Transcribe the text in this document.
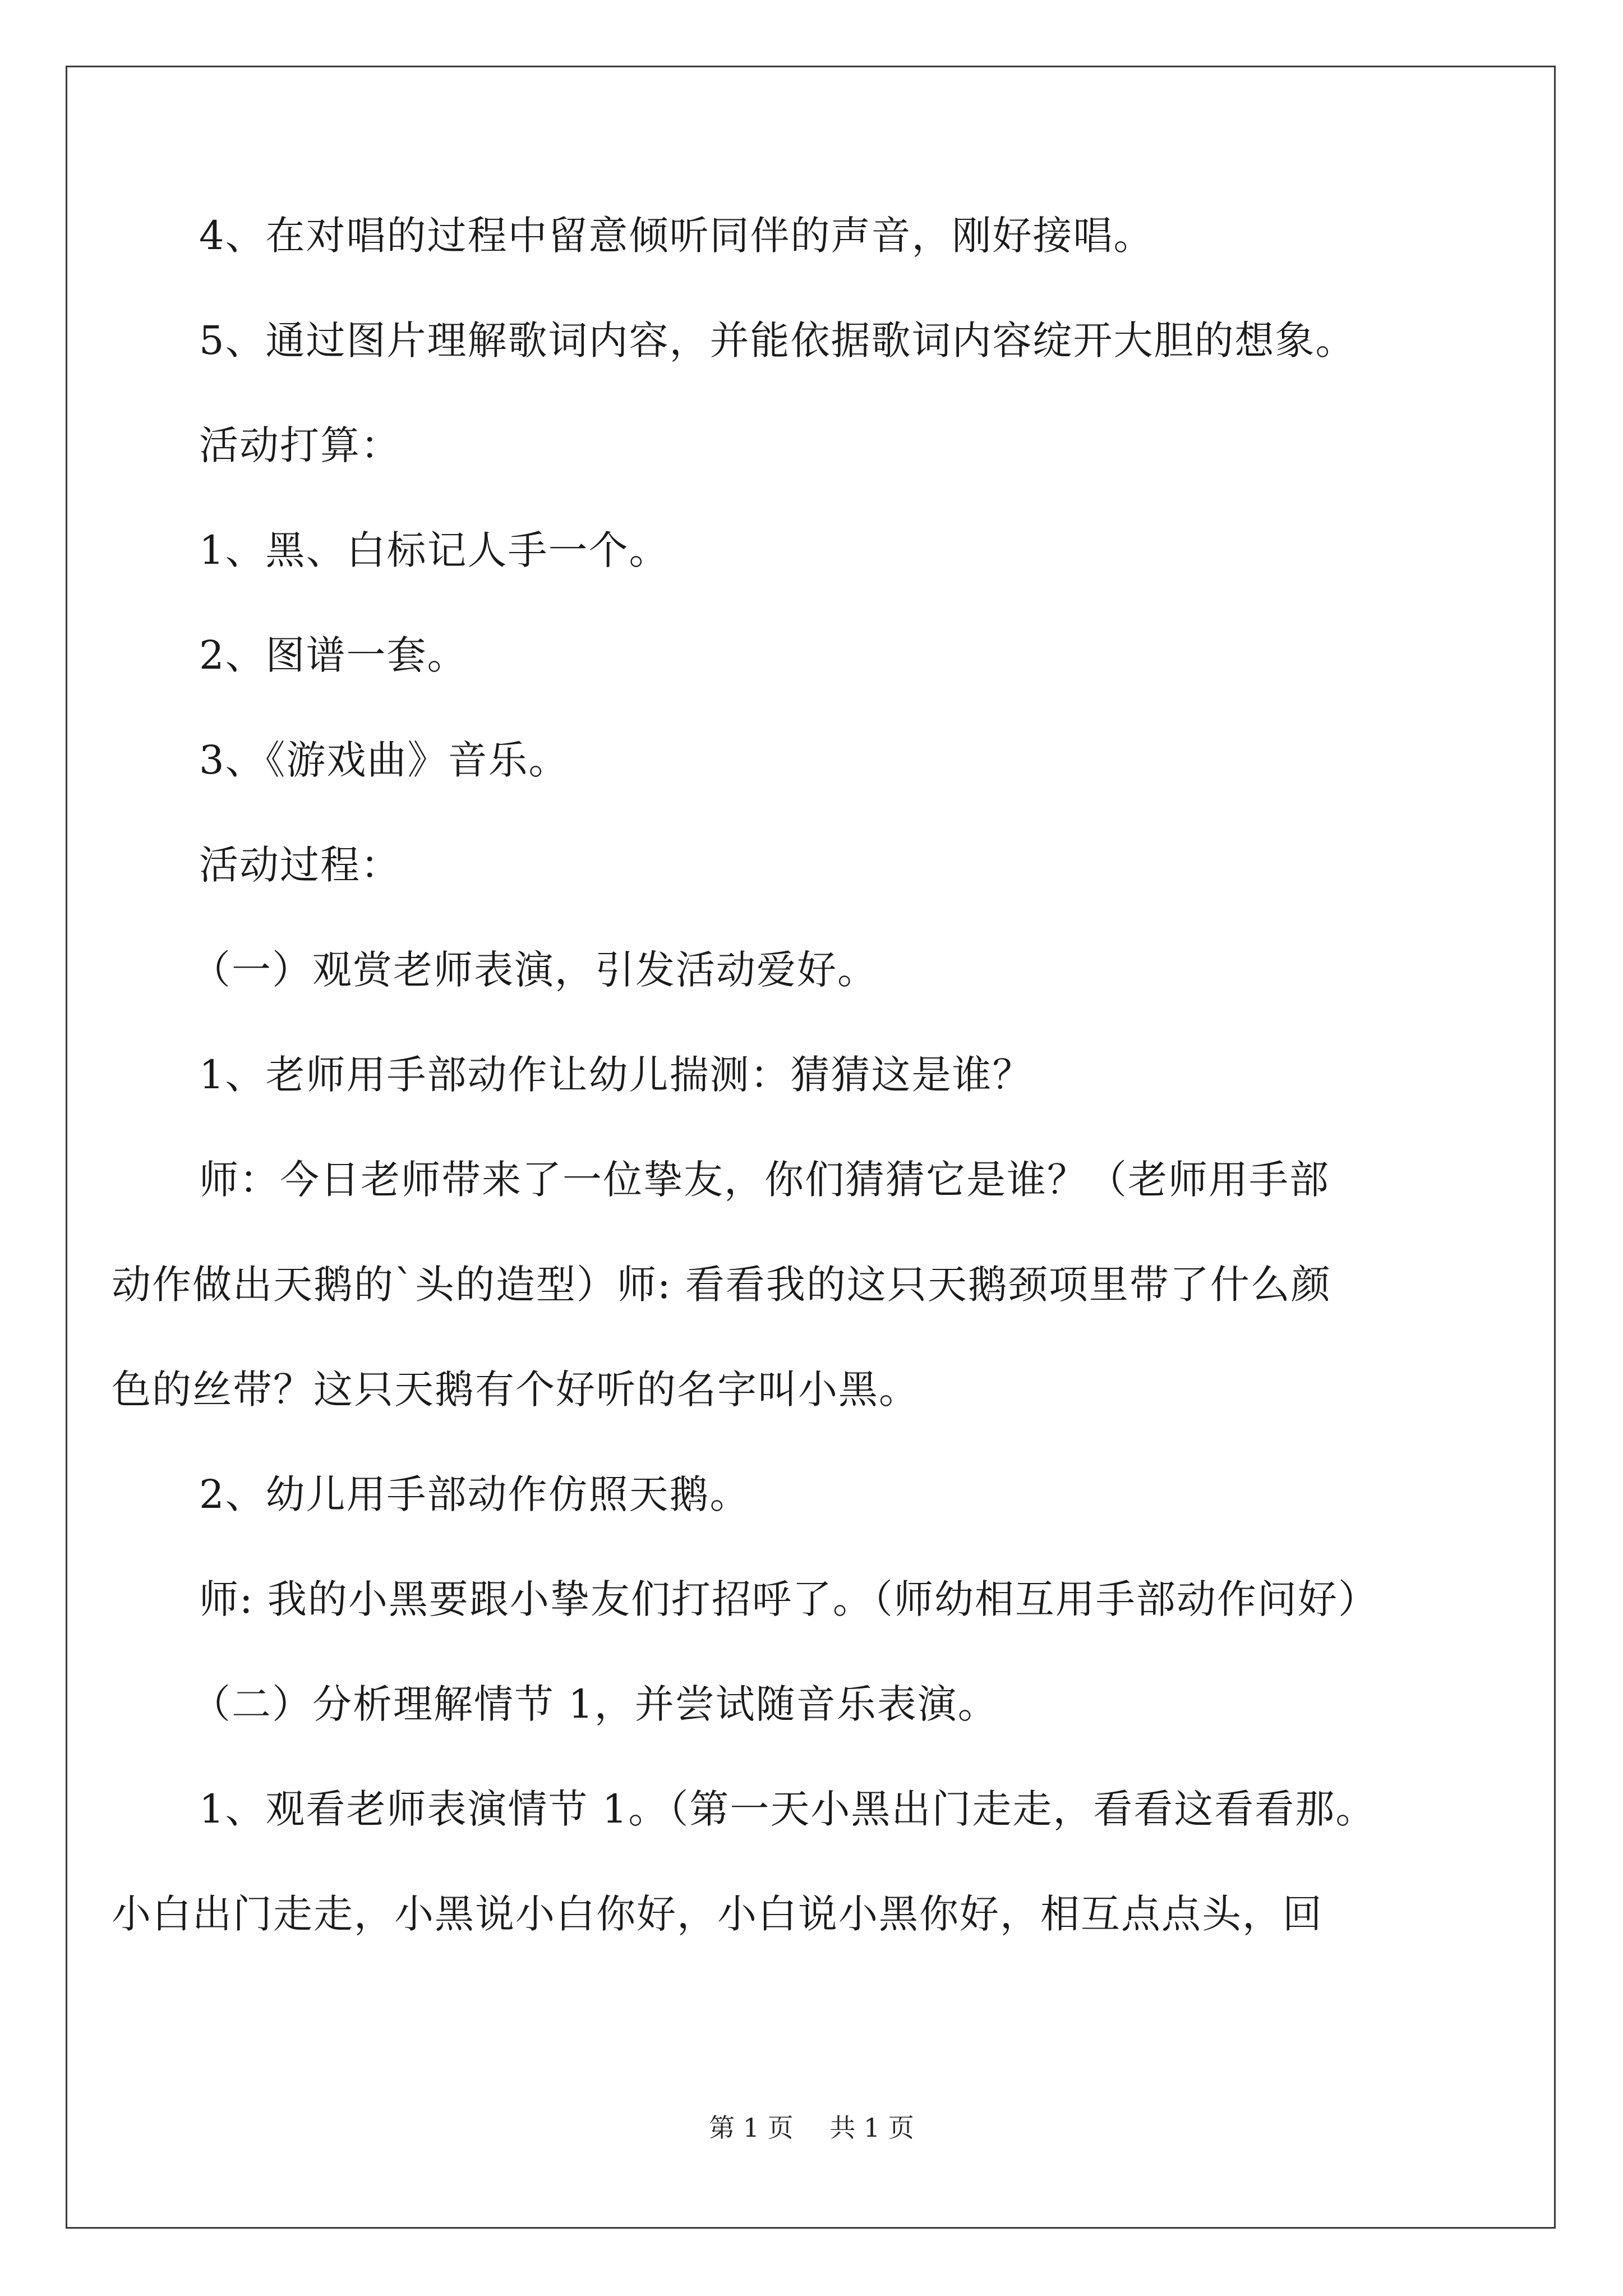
4、在对唱的过程中留意倾听同伴的声音，刚好接唱。
5、通过图片理解歌词内容，并能依据歌词内容绽开大胆的想象。
活动打算：
1、黑、白标记人手一个。
2、图谱一套。
3、《游戏曲》音乐。
活动过程：
（一）观赏老师表演，引发活动爱好。
1、老师用手部动作让幼儿揣测：猜猜这是谁？
师：今日老师带来了一位挚友，你们猜猜它是谁？（老师用手部
动作做出天鹅的`头的造型）师: 看看我的这只天鹅颈项里带了什么颜
色的丝带？这只天鹅有个好听的名字叫小黑。
2、幼儿用手部动作仿照天鹅。
师: 我的小黑要跟小挚友们打招呼了。（师幼相互用手部动作问好）
（二）分析理解情节 1，并尝试随音乐表演。
1、观看老师表演情节 1。（第一天小黑出门走走，看看这看看那。
小白出门走走，小黑说小白你好，小白说小黑你好，相互点点头，回
第 1 页 共 1 页
